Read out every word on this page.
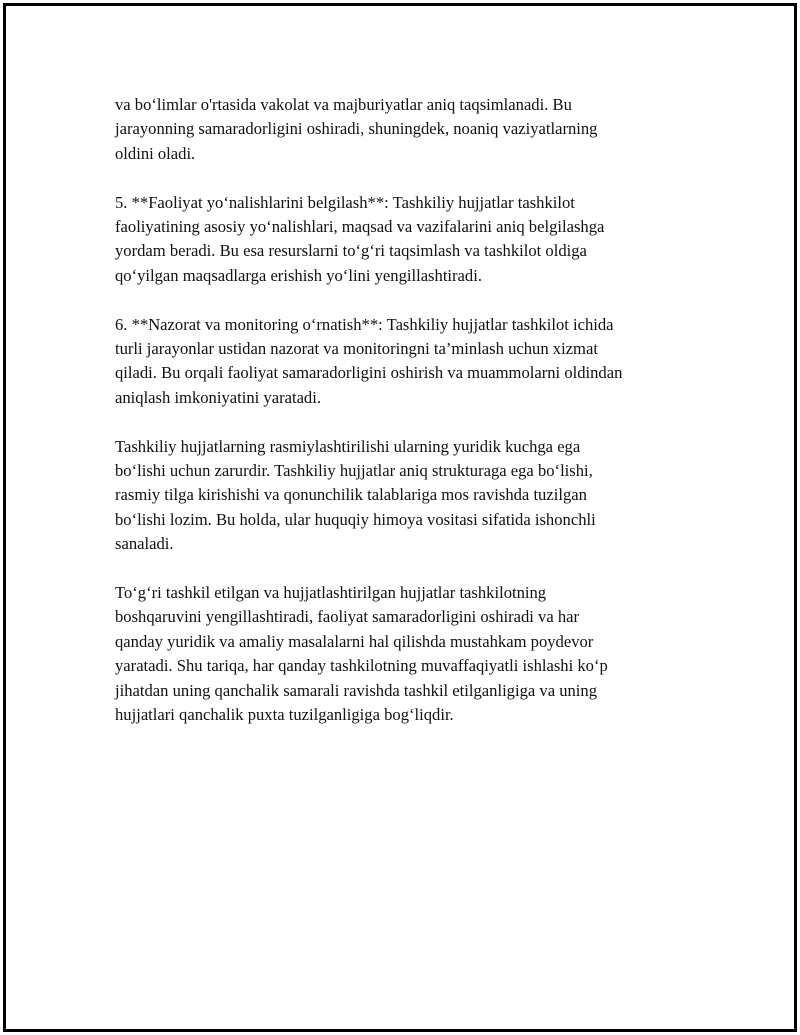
va bo‘limlar o'rtasida vakolat va majburiyatlar aniq taqsimlanadi. Bu
jarayonning samaradorligini oshiradi, shuningdek, noaniq vaziyatlarning
oldini oladi.

5. **Faoliyat yo‘nalishlarini belgilash**: Tashkiliy hujjatlar tashkilot
faoliyatining asosiy yo‘nalishlari, maqsad va vazifalarini aniq belgilashga
yordam beradi. Bu esa resurslarni to‘g‘ri taqsimlash va tashkilot oldiga
qo‘yilgan maqsadlarga erishish yo‘lini yengillashtiradi.

6. **Nazorat va monitoring o‘rnatish**: Tashkiliy hujjatlar tashkilot ichida
turli jarayonlar ustidan nazorat va monitoringni ta’minlash uchun xizmat
qiladi. Bu orqali faoliyat samaradorligini oshirish va muammolarni oldindan
aniqlash imkoniyatini yaratadi.

Tashkiliy hujjatlarning rasmiylashtirilishi ularning yuridik kuchga ega
bo‘lishi uchun zarurdir. Tashkiliy hujjatlar aniq strukturaga ega bo‘lishi,
rasmiy tilga kirishishi va qonunchilik talablariga mos ravishda tuzilgan
bo‘lishi lozim. Bu holda, ular huquqiy himoya vositasi sifatida ishonchli
sanaladi.

To‘g‘ri tashkil etilgan va hujjatlashtirilgan hujjatlar tashkilotning
boshqaruvini yengillashtiradi, faoliyat samaradorligini oshiradi va har
qanday yuridik va amaliy masalalarni hal qilishda mustahkam poydevor
yaratadi. Shu tariqa, har qanday tashkilotning muvaffaqiyatli ishlashi ko‘p
jihatdan uning qanchalik samarali ravishda tashkil etilganligiga va uning
hujjatlari qanchalik puxta tuzilganligiga bog‘liqdir.
